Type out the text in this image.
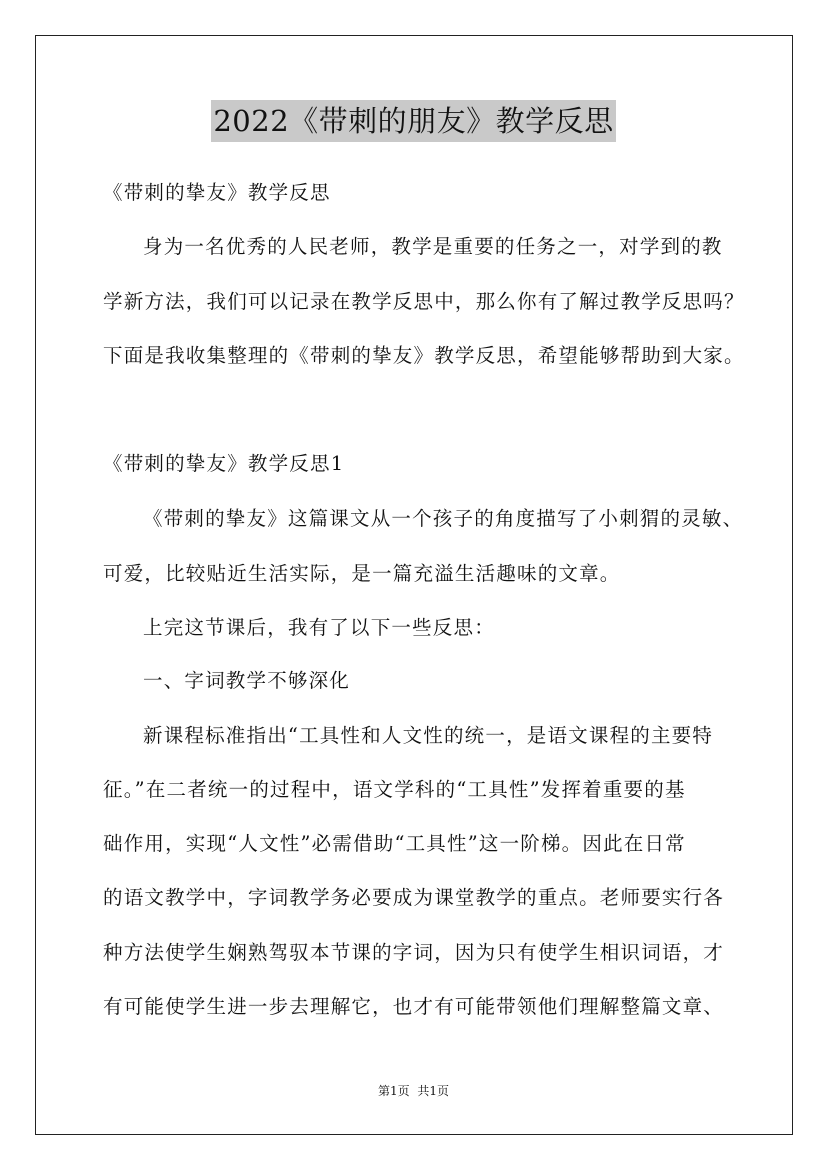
2022《带刺的朋友》教学反思
《带刺的挚友》教学反思
身为一名优秀的人民老师，教学是重要的任务之一，对学到的教
学新方法，我们可以记录在教学反思中，那么你有了解过教学反思吗？
下面是我收集整理的《带刺的挚友》教学反思，希望能够帮助到大家。
《带刺的挚友》教学反思1
《带刺的挚友》这篇课文从一个孩子的角度描写了小刺猬的灵敏、
可爱，比较贴近生活实际，是一篇充溢生活趣味的文章。
上完这节课后，我有了以下一些反思：
一、字词教学不够深化
新课程标准指出“工具性和人文性的统一，是语文课程的主要特
征。”在二者统一的过程中，语文学科的“工具性”发挥着重要的基
础作用，实现“人文性”必需借助“工具性”这一阶梯。因此在日常
的语文教学中，字词教学务必要成为课堂教学的重点。老师要实行各
种方法使学生娴熟驾驭本节课的字词，因为只有使学生相识词语，才
有可能使学生进一步去理解它，也才有可能带领他们理解整篇文章、
第1页 共1页
